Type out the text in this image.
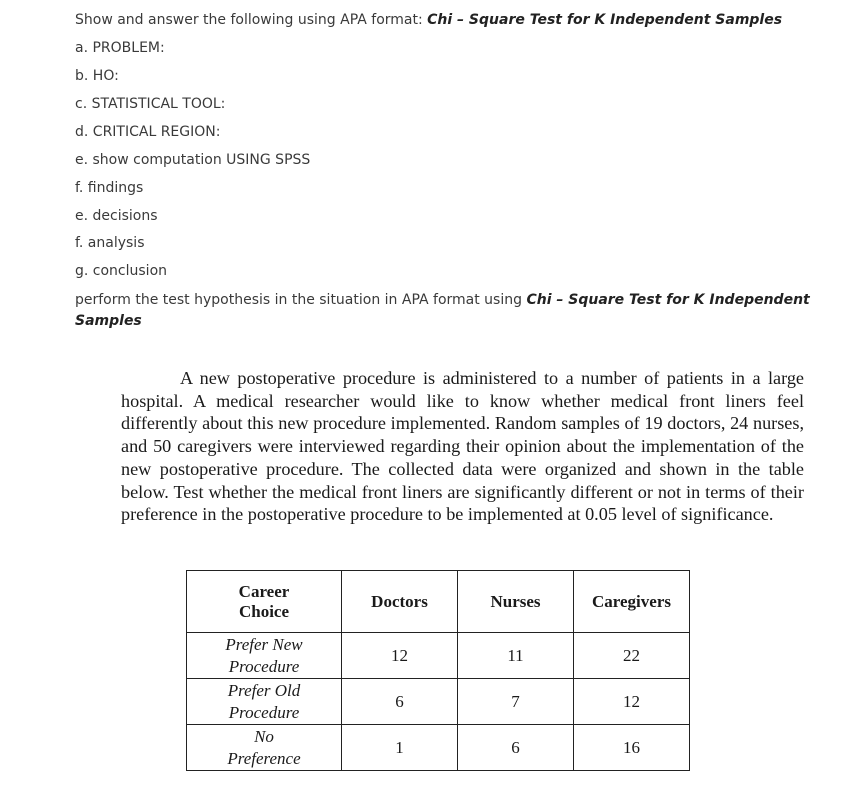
Show and answer the following using APA format: Chi – Square Test for K Independent Samples
a. PROBLEM:
b. HO:
c. STATISTICAL TOOL:
d. CRITICAL REGION:
e. show computation USING SPSS
f. findings
e. decisions
f. analysis
g. conclusion
perform the test hypothesis in the situation in APA format using Chi – Square Test for K Independent
Samples

A new postoperative procedure is administered to a number of patients in a large hospital. A medical researcher would like to know whether medical front liners feel differently about this new procedure implemented. Random samples of 19 doctors, 24 nurses, and 50 caregivers were interviewed regarding their opinion about the implementation of the new postoperative procedure. The collected data were organized and shown in the table below. Test whether the medical front liners are significantly different or not in terms of their preference in the postoperative procedure to be implemented at 0.05 level of significance.

Career
Choice	Doctors	Nurses	Caregivers

Prefer New
Procedure	12	11	22

Prefer Old
Procedure	6	7	12

No
Preference	1	6	16
